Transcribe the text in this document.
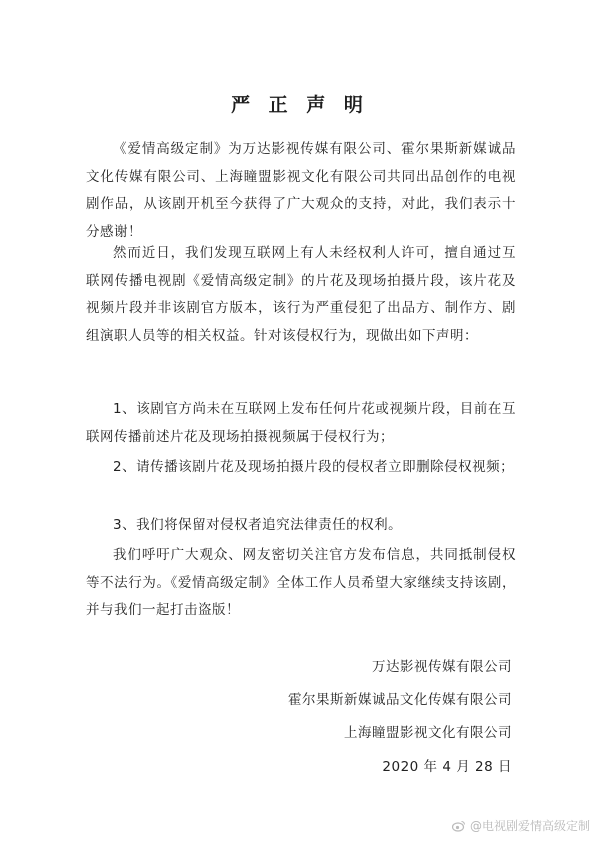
严 正 声 明

《爱情高级定制》为万达影视传媒有限公司、霍尔果斯新媒诚品文化传媒有限公司、上海瞳盟影视文化有限公司共同出品创作的电视剧作品，从该剧开机至今获得了广大观众的支持，对此，我们表示十分感谢！

然而近日，我们发现互联网上有人未经权利人许可，擅自通过互联网传播电视剧《爱情高级定制》的片花及现场拍摄片段，该片花及视频片段并非该剧官方版本，该行为严重侵犯了出品方、制作方、剧组演职人员等的相关权益。针对该侵权行为，现做出如下声明：

1、该剧官方尚未在互联网上发布任何片花或视频片段，目前在互联网传播前述片花及现场拍摄视频属于侵权行为；

2、请传播该剧片花及现场拍摄片段的侵权者立即删除侵权视频；

3、我们将保留对侵权者追究法律责任的权利。

我们呼吁广大观众、网友密切关注官方发布信息，共同抵制侵权等不法行为。《爱情高级定制》全体工作人员希望大家继续支持该剧，并与我们一起打击盗版！

万达影视传媒有限公司
霍尔果斯新媒诚品文化传媒有限公司
上海瞳盟影视文化有限公司
2020 年 4 月 28 日
@电视剧爱情高级定制
